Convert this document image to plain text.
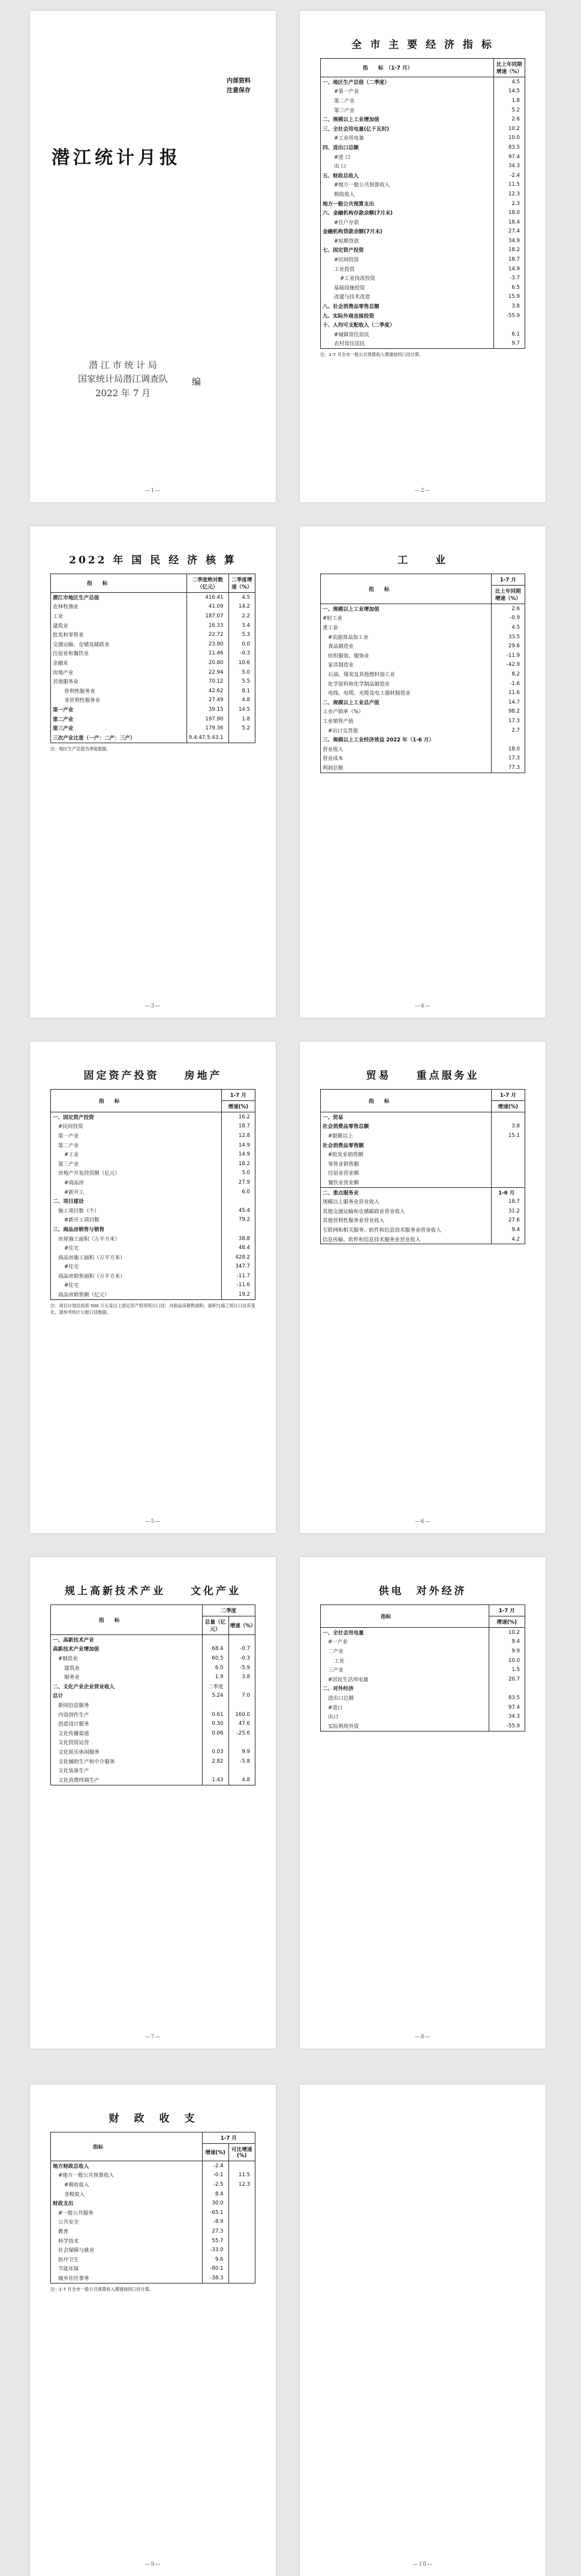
内部资料
注意保存
潜江统计月报
潜 江 市 统 计 局
国家统计局潜江调查队
2022 年 7 月
编
—1—
全 市 主 要 经 济 指 标
指　　标　（1-7 月）	比上年同期增速（%）
一、地区生产总值（二季度）	4.5
#第一产业	14.5
第二产业	1.8
第三产业	5.2
二、规模以上工业增加值	2.6
三、全社会用电量(亿千瓦时)	10.2
#工业用电量	10.0
四、进出口总额	83.5
#进 口	97.4
出 口	34.3
五、财政总收入	-2.4
#地方一般公共预算收入	11.5
税收收入	12.3
地方一般公共预算支出	2.3
六、金融机构存款余额(7月末)	18.0
#住户存款	18.4
金融机构贷款余额(7月末)	27.4
#短期贷款	34.9
七、固定资产投资	18.2
#民间投资	18.7
工业投资	14.9
#工业技改投资	-3.7
基础设施投资	6.5
改建与技术改造	15.9
八、社会消费品零售总额	3.8
九、实际外商直接投资	-55.9
十、人均可支配收入（二季度）	
#城镇常住居民	6.1
农村常住居民	9.7
注：1-7 月全市一般公共预算收入增速按同口径计算。
—2—
2022 年 国 民 经 济 核 算
指　　标	二季度绝对数（亿元）	二季度增速（%）
潜江市地区生产总值	416.41	4.5
农林牧渔业	41.09	14.2
工业	187.07	2.2
建筑业	16.33	3.4
批发和零售业	22.72	5.3
交通运输、仓储及邮政业	23.90	0.0
住宿业和餐饮业	11.46	-0.3
金融业	20.80	10.6
房地产业	22.94	5.0
其他服务业	70.12	5.5
营利性服务业	42.62	8.1
非营利性服务业	27.49	4.8
第一产业	39.15	14.5
第二产业	197.90	1.8
第三产业	179.36	5.2
三次产业比重（一产：二产：三产）	9.4:47.5:43.1	
注：地区生产总值为季度数据。
—3—
工　　业
指　　标	1-7 月
	比上年同期增速（%）
一、规模以上工业增加值	2.6
#轻工业	-0.9
重工业	4.5
#农副食品加工业	33.5
食品制造业	29.6
纺织服装、服饰业	-11.9
家具制造业	-42.9
石油、煤炭及其他燃料加工业	8.2
化学原料和化学制品制造业	-1.6
电线、电缆、光缆及电工器材制造业	11.6
二、规模以上工业总产值	14.7
工业产销率（%）	98.2
工业销售产值	17.3
#出口交货值	2.7
三、规模以上工业经济效益 2022 年（1-6 月）	
营业收入	18.0
营业成本	17.3
利润总额	77.3
—4—
固定资产投资　　房地产
指　　标	1-7 月
	增速(%)
一、固定资产投资	16.2
#民间投资	18.7
第一产业	12.8
第二产业	14.9
#工业	14.9
第三产业	18.2
房地产开发投资额（亿元）	5.0
#商品房	27.9
#新开工	6.0
二、项目建设	
施工项目数（个）	45.4
#新开工项目数	79.2
三、商品房销售与销售	
房屋施工面积（万平方米）	38.8
#住宅	48.4
商品房施工面积（万平方米）	428.2
#住宅	347.7
商品房销售面积（万平方米）	-11.7
#住宅	-11.6
商品房销售额（亿元）	19.2
注：项目计划总投资 500 万元及以上固定资产投资统计口径；对商品房销售面积、面积与施工统计口径有变化，请参考统计公报口径数据。
—5—
贸易　　重点服务业
指　　标	1-7 月
	增速(%)
一、贸易	
社会消费品零售总额	3.8
#限额以上	15.1
社会消费品零售额	
#批发业销售额	
零售业销售额	
住宿业营业额	
餐饮业营业额	
二、重点服务业	1-6 月
规模以上服务业营业收入	18.7
其他交通运输和仓储邮政业营业收入	31.2
其他营利性服务业营业收入	27.6
互联网和相关服务、软件和信息技术服务业营业收入	9.4
信息传输、软件和信息技术服务业营业收入	4.2
—6—
规上高新技术产业　　文化产业
指　　标	二季度	
	总量（亿元）	增速（%）
一、高新技术产业		
高新技术产业增加值	68.4	-0.7
#制造业	60.5	-0.3
建筑业	6.0	-5.9
服务业	1.9	3.8
二、文化产业企业营业收入	二季度	
总计	5.24	7.0
新闻信息服务		
内容创作生产	0.61	160.0
创意设计服务	0.30	47.6
文化传播渠道	0.06	-25.6
文化投资运营		
文化娱乐休闲服务	0.03	9.9
文化辅助生产和中介服务	2.82	-5.8
文化装备生产		
文化消费终端生产	1.43	4.8
—7—
供电　对外经济
指标	1-7 月
	增速(%)
一、全社会用电量	10.2
#一产业	9.4
二产业	9.9
工业	10.0
三产业	1.5
#居民生活用电量	20.7
二、对外经济	
进出口总额	83.5
#进口	97.4
出口	34.3
实际利用外资	-55.9
—8—
财　政　收　支
指标	1-7 月	
	增速(%)	可比增速(%)
地方财政总收入	-2.4	
#地方一般公共预算收入	-0.1	11.5
#税收收入	-2.5	12.3
非税收入	8.4	
财政支出	30.0	
#一般公共服务	-65.1	
公共安全	-8.9	
教育	27.3	
科学技术	55.7	
社会保障与就业	-33.0	
医疗卫生	9.6	
节能环保	-80.1	
城乡社区事务	-38.3	
注：1-7 月全市一般公共预算收入增速按同口径计算。
—9—	—10—
